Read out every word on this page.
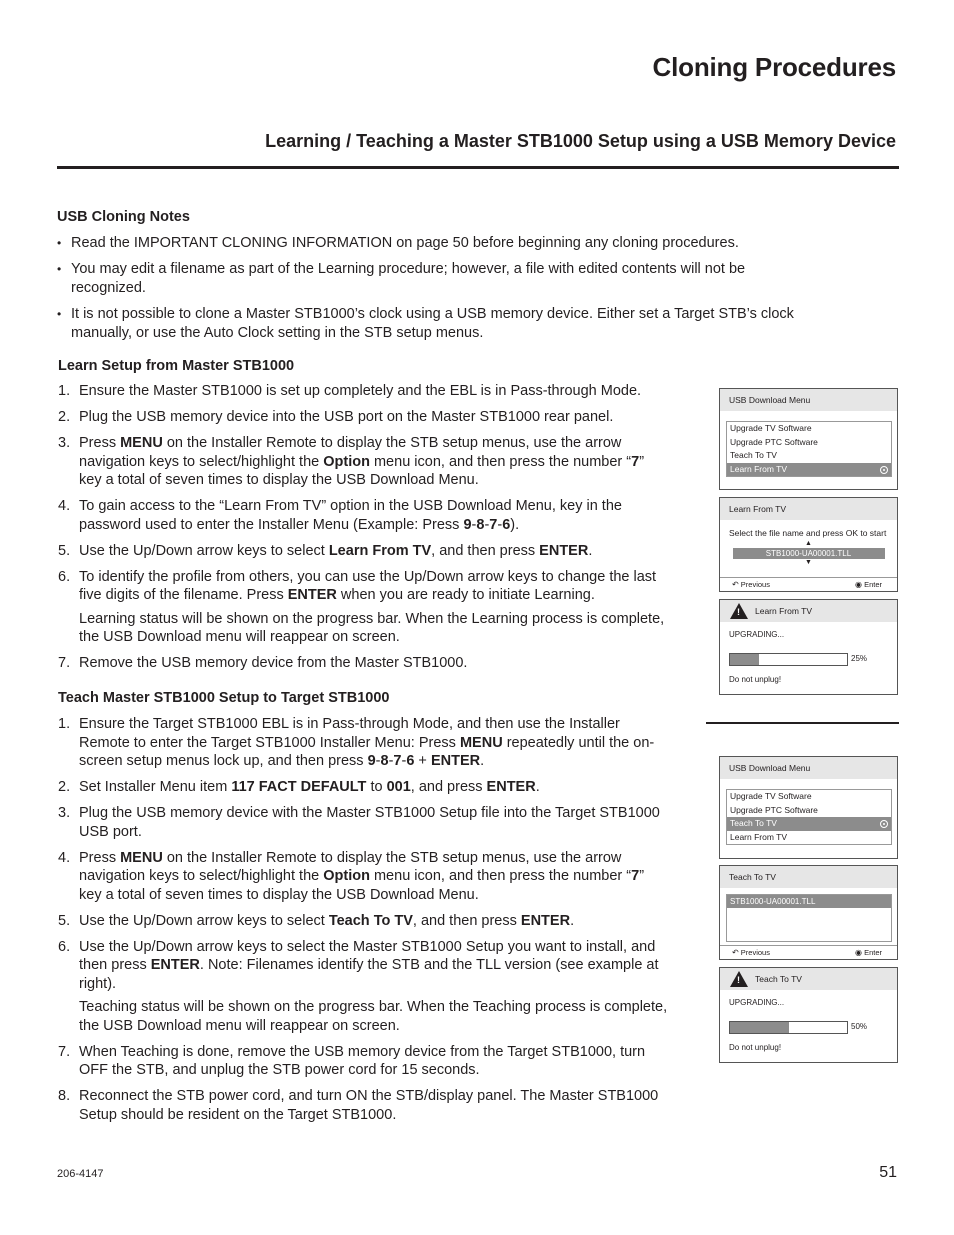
Cloning Procedures
Learning / Teaching a Master STB1000 Setup using a USB Memory Device
USB Cloning Notes
• Read the IMPORTANT CLONING INFORMATION on page 50 before beginning any cloning procedures.
• You may edit a filename as part of the Learning procedure; however, a file with edited contents will not be recognized.
• It is not possible to clone a Master STB1000’s clock using a USB memory device. Either set a Target STB’s clock manually, or use the Auto Clock setting in the STB setup menus.
Learn Setup from Master STB1000
1. Ensure the Master STB1000 is set up completely and the EBL is in Pass-through Mode.
2. Plug the USB memory device into the USB port on the Master STB1000 rear panel.
3. Press MENU on the Installer Remote to display the STB setup menus, use the arrow navigation keys to select/highlight the Option menu icon, and then press the number “7” key a total of seven times to display the USB Download Menu.
4. To gain access to the “Learn From TV” option in the USB Download Menu, key in the password used to enter the Installer Menu (Example: Press 9-8-7-6).
5. Use the Up/Down arrow keys to select Learn From TV, and then press ENTER.
6. To identify the profile from others, you can use the Up/Down arrow keys to change the last five digits of the filename. Press ENTER when you are ready to initiate Learning.
Learning status will be shown on the progress bar. When the Learning process is complete, the USB Download menu will reappear on screen.
7. Remove the USB memory device from the Master STB1000.
Teach Master STB1000 Setup to Target STB1000
1. Ensure the Target STB1000 EBL is in Pass-through Mode, and then use the Installer Remote to enter the Target STB1000 Installer Menu: Press MENU repeatedly until the on-screen setup menus lock up, and then press 9-8-7-6 + ENTER.
2. Set Installer Menu item 117 FACT DEFAULT to 001, and press ENTER.
3. Plug the USB memory device with the Master STB1000 Setup file into the Target STB1000 USB port.
4. Press MENU on the Installer Remote to display the STB setup menus, use the arrow navigation keys to select/highlight the Option menu icon, and then press the number “7” key a total of seven times to display the USB Download Menu.
5. Use the Up/Down arrow keys to select Teach To TV, and then press ENTER.
6. Use the Up/Down arrow keys to select the Master STB1000 Setup you want to install, and then press ENTER. Note: Filenames identify the STB and the TLL version (see example at right).
Teaching status will be shown on the progress bar. When the Teaching process is complete, the USB Download menu will reappear on screen.
7. When Teaching is done, remove the USB memory device from the Target STB1000, turn OFF the STB, and unplug the STB power cord for 15 seconds.
8. Reconnect the STB power cord, and turn ON the STB/display panel. The Master STB1000 Setup should be resident on the Target STB1000.
USB Download Menu
Upgrade TV Software
Upgrade PTC Software
Teach To TV
Learn From TV
Learn From TV
Select the file name and press OK to start
▲
STB1000-UA00001.TLL
▼
↶ Previous	◉ Enter
! Learn From TV
UPGRADING...
25%
Do not unplug!
USB Download Menu
Upgrade TV Software
Upgrade PTC Software
Teach To TV
Learn From TV
Teach To TV
STB1000-UA00001.TLL
↶ Previous	◉ Enter
! Teach To TV
UPGRADING...
50%
Do not unplug!
206-4147	51
